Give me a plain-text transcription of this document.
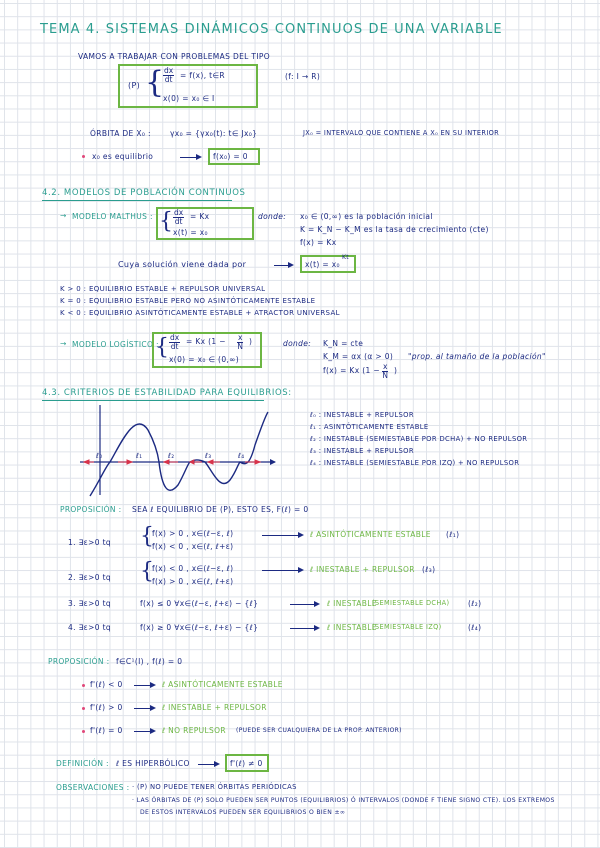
TEMA 4. SISTEMAS DINÁMICOS CONTINUOS DE UNA VARIABLE
VAMOS A TRABAJAR CON PROBLEMAS DEL TIPO
(P) {
$\frac{dx}{dt} = f(x)$, t∈R
x(0) = x₀ ∈ I
(f: I → R)
ÓRBITA DE X₀ :	γx₀ = {γx₀(t): t∈ Jx₀}	JX₀ = INTERVALO QUE CONTIENE A X₀ EN SU INTERIOR
x₀ es equilibrio	f(x₀) = 0
4.2. MODELOS DE POBLACIÓN CONTINUOS
→ MODELO MALTHUS : { $\frac{dx}{dt} = Kx$
x(t) = x₀
donde: x₀ ∈ (0,∞) es la población inicial
K = K_N − K_M es la tasa de crecimiento (cte)
f(x) = Kx
Cuya solución viene dada por	x(t) = x₀
Kt
K > 0 : EQUILIBRIO ESTABLE + REPULSOR UNIVERSAL
K = 0 : EQUILIBRIO ESTABLE PERO NO ASINTÓTICAMENTE ESTABLE
K < 0 : EQUILIBRIO ASINTÓTICAMENTE ESTABLE + ATRACTOR UNIVERSAL
→ MODELO LOGÍSTICO :
{ $\frac{dx}{dt} = Kx$ ($1 - \frac{x}{N}$ )
x(0) = x₀ ∈ (0,∞)
donde: K_N = cte
K_M = αx (α > 0) "prop. al tamaño de la población"
f(x) = Kx ($1 - \frac{x}{N}$ )
4.3. CRITERIOS DE ESTABILIDAD PARA EQUILIBRIOS:
ℓ₀	ℓ₁	ℓ₂	ℓ₃	ℓ₄
ℓ₀ : INESTABLE + REPULSOR
ℓ₁ : ASINTÓTICAMENTE ESTABLE
ℓ₂ : INESTABLE (SEMIESTABLE POR DCHA) + NO REPULSOR
ℓ₃ : INESTABLE + REPULSOR
ℓ₄ : INESTABLE (SEMIESTABLE POR IZQ) + NO REPULSOR
PROPOSICIÓN : SEA ℓ EQUILIBRIO DE (P), ESTO ES, F(ℓ) = 0
1. ∃ε>0 tq {
f(x) > 0 , x∈(ℓ−ε, ℓ)
f(x) < 0 , x∈(ℓ, ℓ+ε)
ℓ ASINTÓTICAMENTE ESTABLE (ℓ₁)
2. ∃ε>0 tq {
f(x) < 0 , x∈(ℓ−ε, ℓ)
f(x) > 0 , x∈(ℓ, ℓ+ε)
ℓ INESTABLE + REPULSOR (ℓ₃)
3. ∃ε>0 tq	f(x) ≤ 0 ∀x∈(ℓ−ε, ℓ+ε) − {ℓ}	ℓ INESTABLE
(SEMIESTABLE DCHA) (ℓ₂)
4. ∃ε>0 tq	f(x) ≥ 0 ∀x∈(ℓ−ε, ℓ+ε) − {ℓ}	ℓ INESTABLE
(SEMIESTABLE IZQ)	(ℓ₄)
PROPOSICIÓN : f∈C¹(I) , f(ℓ) = 0
f'(ℓ) < 0	ℓ ASINTÓTICAMENTE ESTABLE
f'(ℓ) > 0	ℓ INESTABLE + REPULSOR
f'(ℓ) = 0	ℓ NO REPULSOR (PUEDE SER CUALQUIERA DE LA PROP. ANTERIOR)
DEFINICIÓN : ℓ ES HIPERBÓLICO	f'(ℓ) ≠ 0
OBSERVACIONES : · (P) NO PUEDE TENER ÓRBITAS PERIÓDICAS
· LAS ÓRBITAS DE (P) SOLO PUEDEN SER PUNTOS (EQUILIBRIOS) Ó INTERVALOS (DONDE F TIENE SIGNO CTE). LOS EXTREMOS
DE ESTOS INTERVALOS PUEDEN SER EQUILIBRIOS O BIEN ±∞
